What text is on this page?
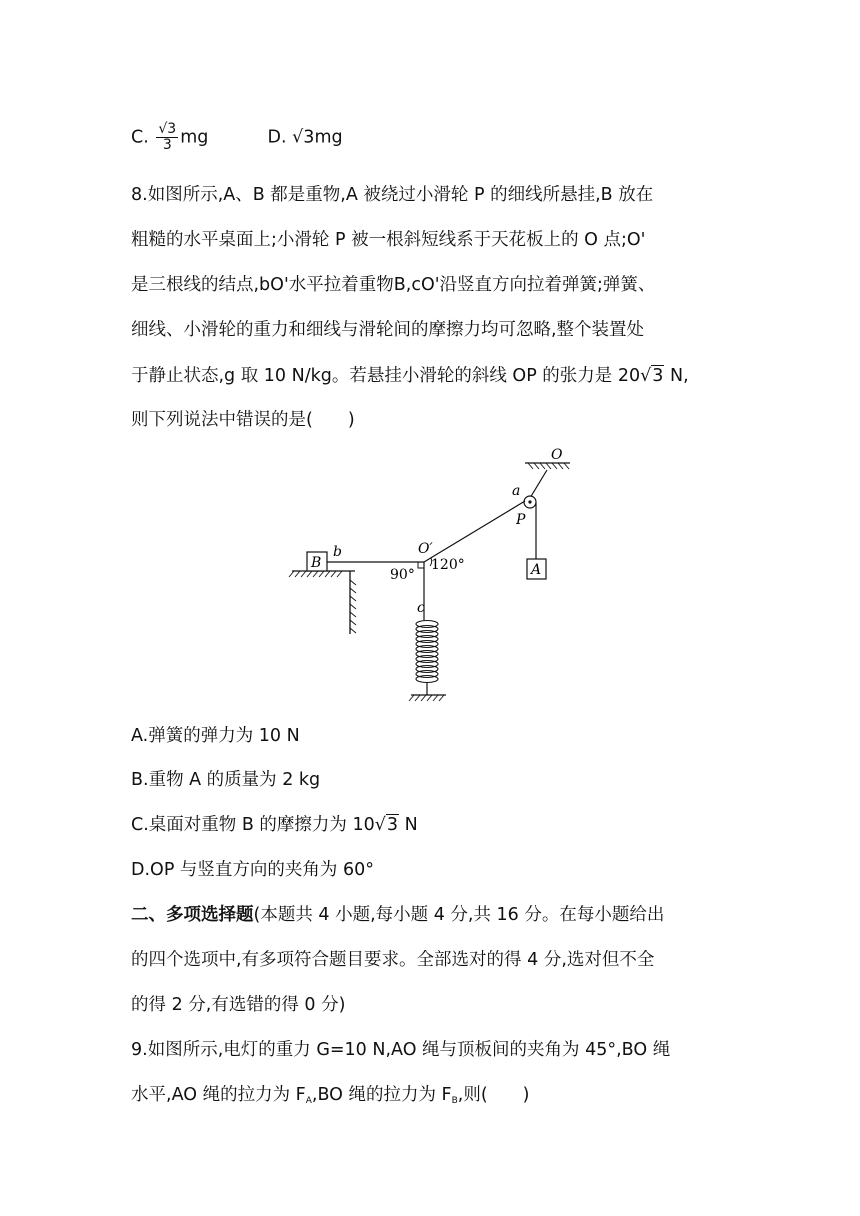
C. $\frac{√3}{3}$ mg	D. √3mg
8.如图所示,A、B 都是重物,A 被绕过小滑轮 P 的细线所悬挂,B 放在
粗糙的水平桌面上;小滑轮 P 被一根斜短线系于天花板上的 O 点;O'
是三根线的结点,bO'水平拉着重物B,cO'沿竖直方向拉着弹簧;弹簧、
细线、小滑轮的重力和细线与滑轮间的摩擦力均可忽略,整个装置处
于静止状态,g 取 10 N/kg。若悬挂小滑轮的斜线 OP 的张力是 20√3 N,
则下列说法中错误的是(　　)
O
a
P
A
B
b	O′
90°
120°
c
A.弹簧的弹力为 10 N
B.重物 A 的质量为 2 kg
C.桌面对重物 B 的摩擦力为 10√3 N
D.OP 与竖直方向的夹角为 60°
二、多项选择题(本题共 4 小题,每小题 4 分,共 16 分。在每小题给出
的四个选项中,有多项符合题目要求。全部选对的得 4 分,选对但不全
的得 2 分,有选错的得 0 分)
9.如图所示,电灯的重力 G=10 N,AO 绳与顶板间的夹角为 45°,BO 绳
水平,AO 绳的拉力为 $F_A,BO$ 绳的拉力为 $F_B$,则(　　)
